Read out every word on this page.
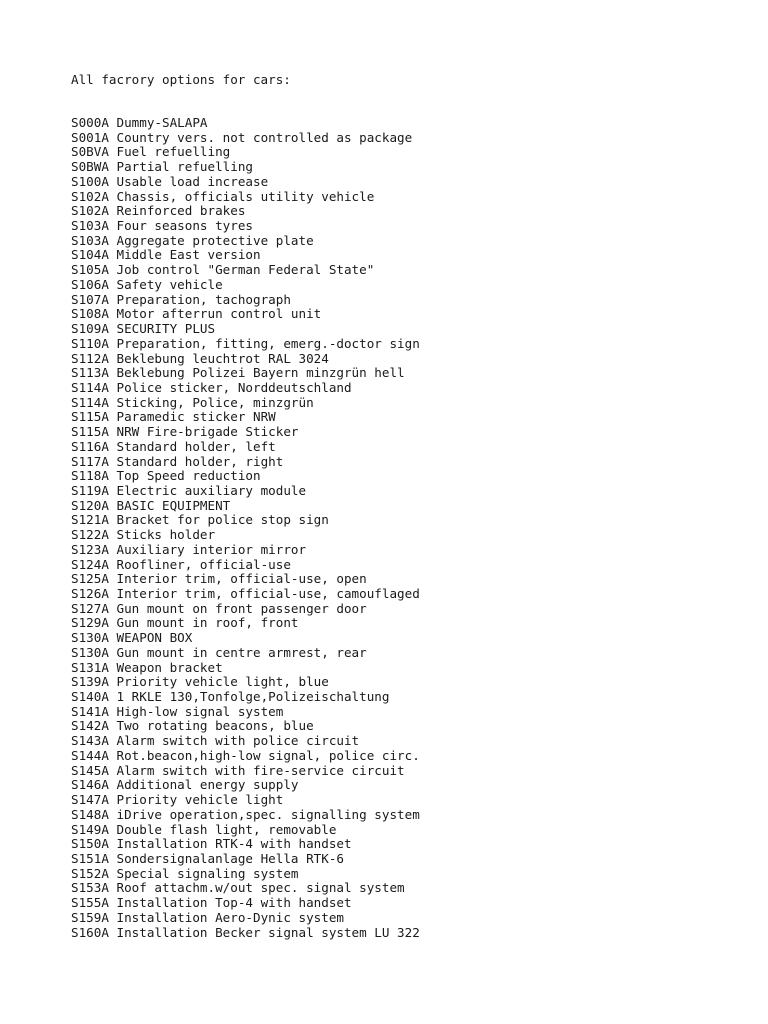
All facrory options for cars:
S000A Dummy-SALAPA
S001A Country vers. not controlled as package
S0BVA Fuel refuelling
S0BWA Partial refuelling
S100A Usable load increase
S102A Chassis, officials utility vehicle
S102A Reinforced brakes
S103A Four seasons tyres
S103A Aggregate protective plate
S104A Middle East version
S105A Job control "German Federal State"
S106A Safety vehicle
S107A Preparation, tachograph
S108A Motor afterrun control unit
S109A SECURITY PLUS
S110A Preparation, fitting, emerg.-doctor sign
S112A Beklebung leuchtrot RAL 3024
S113A Beklebung Polizei Bayern minzgrün hell
S114A Police sticker, Norddeutschland
S114A Sticking, Police, minzgrün
S115A Paramedic sticker NRW
S115A NRW Fire-brigade Sticker
S116A Standard holder, left
S117A Standard holder, right
S118A Top Speed reduction
S119A Electric auxiliary module
S120A BASIC EQUIPMENT
S121A Bracket for police stop sign
S122A Sticks holder
S123A Auxiliary interior mirror
S124A Roofliner, official-use
S125A Interior trim, official-use, open
S126A Interior trim, official-use, camouflaged
S127A Gun mount on front passenger door
S129A Gun mount in roof, front
S130A WEAPON BOX
S130A Gun mount in centre armrest, rear
S131A Weapon bracket
S139A Priority vehicle light, blue
S140A 1 RKLE 130,Tonfolge,Polizeischaltung
S141A High-low signal system
S142A Two rotating beacons, blue
S143A Alarm switch with police circuit
S144A Rot.beacon,high-low signal, police circ.
S145A Alarm switch with fire-service circuit
S146A Additional energy supply
S147A Priority vehicle light
S148A iDrive operation,spec. signalling system
S149A Double flash light, removable
S150A Installation RTK-4 with handset
S151A Sondersignalanlage Hella RTK-6
S152A Special signaling system
S153A Roof attachm.w/out spec. signal system
S155A Installation Top-4 with handset
S159A Installation Aero-Dynic system
S160A Installation Becker signal system LU 322
